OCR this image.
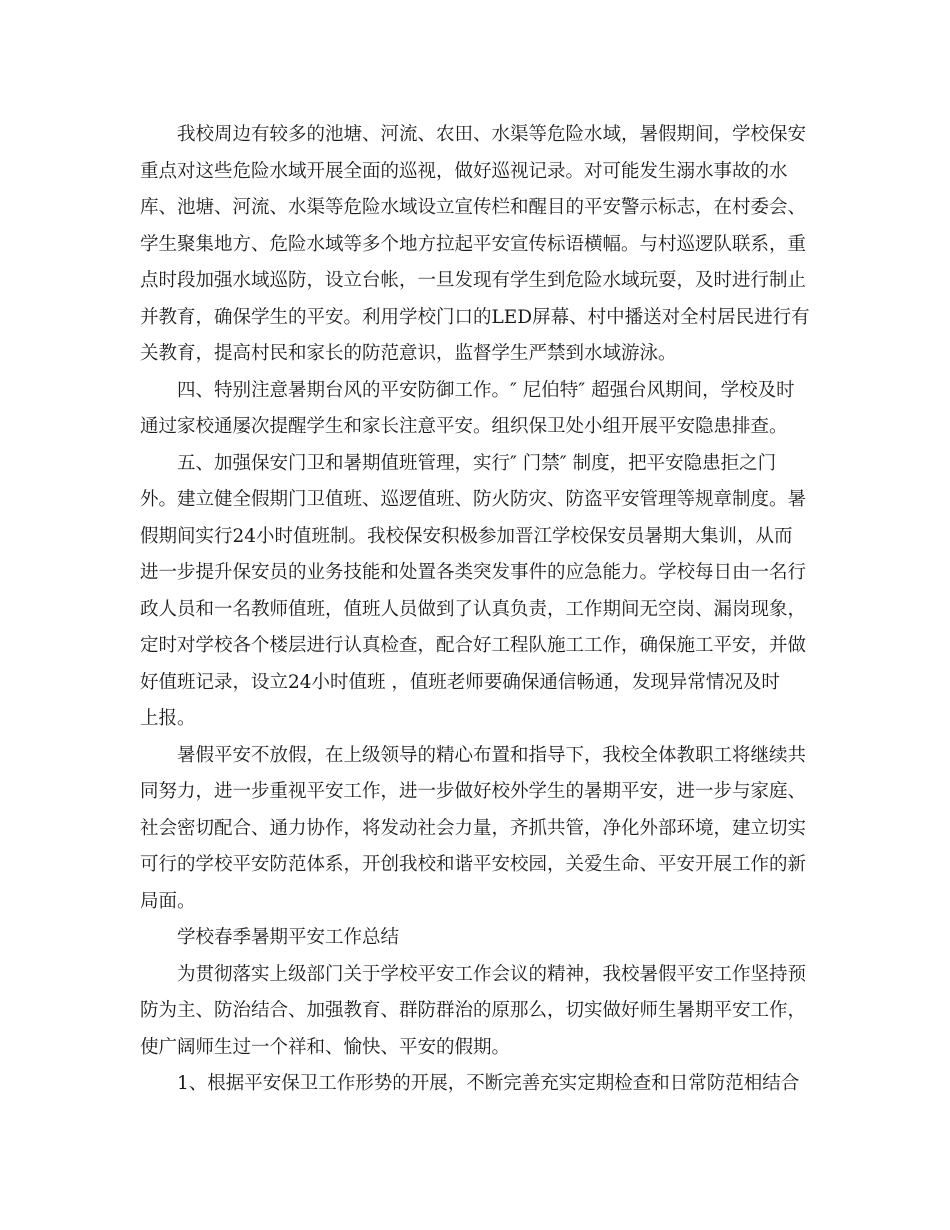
我校周边有较多的池塘、河流、农田、水渠等危险水域，暑假期间，学校保安
重点对这些危险水域开展全面的巡视，做好巡视记录。对可能发生溺水事故的水
库、池塘、河流、水渠等危险水域设立宣传栏和醒目的平安警示标志，在村委会、
学生聚集地方、危险水域等多个地方拉起平安宣传标语横幅。与村巡逻队联系，重
点时段加强水域巡防，设立台帐，一旦发现有学生到危险水域玩耍，及时进行制止
并教育，确保学生的平安。利用学校门口的LED屏幕、村中播送对全村居民进行有
关教育，提高村民和家长的防范意识，监督学生严禁到水域游泳。
四、特别注意暑期台风的平安防御工作。″ 尼伯特″ 超强台风期间，学校及时
通过家校通屡次提醒学生和家长注意平安。组织保卫处小组开展平安隐患排查。
五、加强保安门卫和暑期值班管理，实行″ 门禁″ 制度，把平安隐患拒之门
外。建立健全假期门卫值班、巡逻值班、防火防灾、防盗平安管理等规章制度。暑
假期间实行24小时值班制。我校保安积极参加晋江学校保安员暑期大集训，从而
进一步提升保安员的业务技能和处置各类突发事件的应急能力。学校每日由一名行
政人员和一名教师值班，值班人员做到了认真负责，工作期间无空岗、漏岗现象，
定时对学校各个楼层进行认真检查，配合好工程队施工工作，确保施工平安，并做
好值班记录，设立24小时值班 ，值班老师要确保通信畅通，发现异常情况及时
上报。
暑假平安不放假，在上级领导的精心布置和指导下，我校全体教职工将继续共
同努力，进一步重视平安工作，进一步做好校外学生的暑期平安，进一步与家庭、
社会密切配合、通力协作，将发动社会力量，齐抓共管，净化外部环境，建立切实
可行的学校平安防范体系，开创我校和谐平安校园，关爱生命、平安开展工作的新
局面。
学校春季暑期平安工作总结
为贯彻落实上级部门关于学校平安工作会议的精神，我校暑假平安工作坚持预
防为主、防治结合、加强教育、群防群治的原那么，切实做好师生暑期平安工作，
使广阔师生过一个祥和、愉快、平安的假期。
1、根据平安保卫工作形势的开展，不断完善充实定期检查和日常防范相结合
